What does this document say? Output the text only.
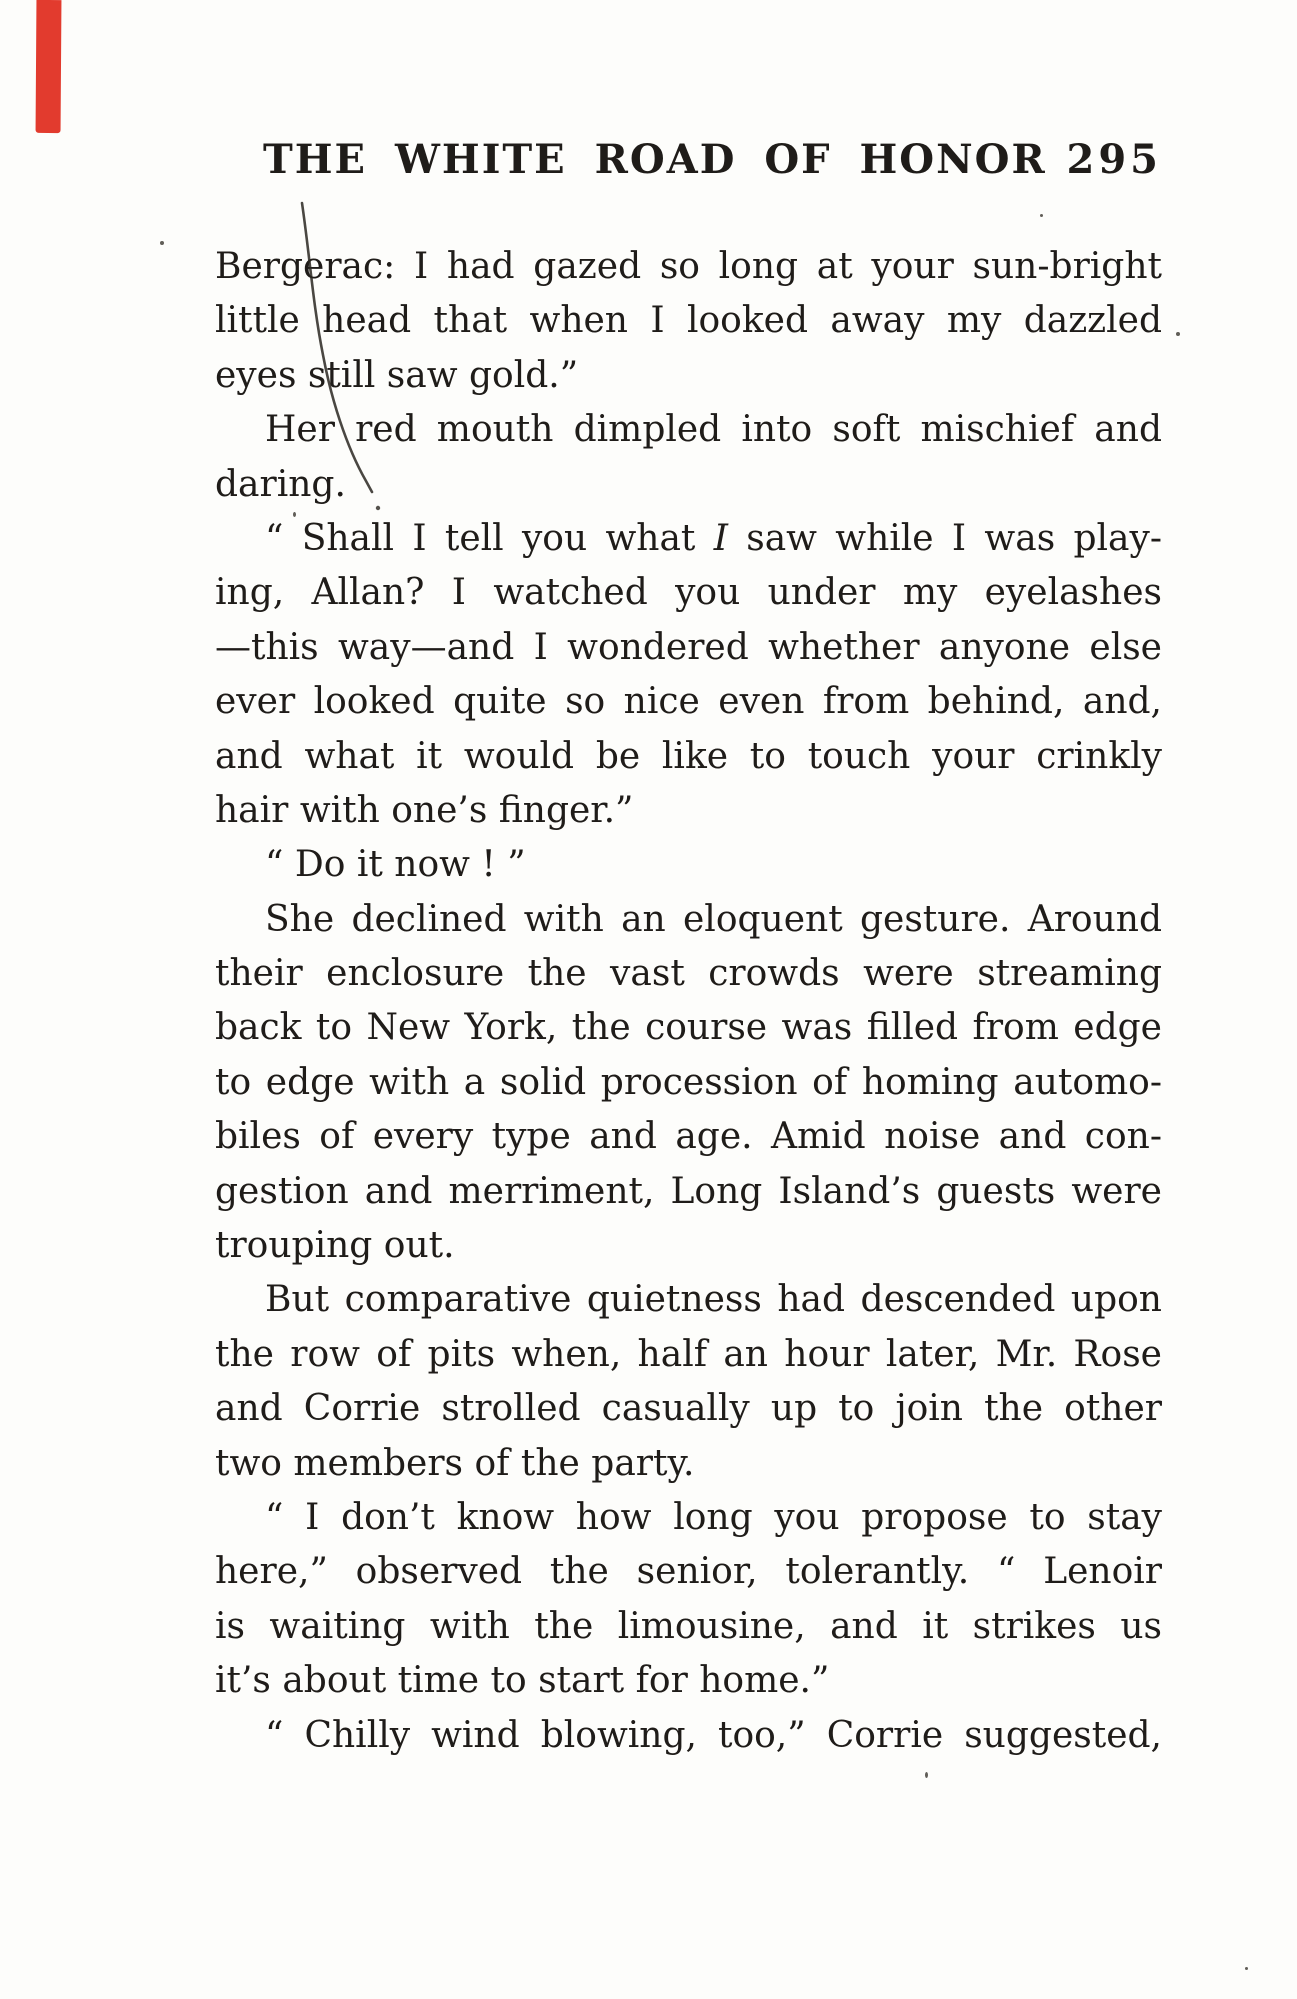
THE WHITE ROAD OF HONOR 295
Bergerac: I had gazed so long at your sun-bright
little head that when I looked away my dazzled
eyes still saw gold.”
Her red mouth dimpled into soft mischief and
daring.
“ Shall I tell you what I saw while I was play-
ing, Allan? I watched you under my eyelashes
—this way—and I wondered whether anyone else
ever looked quite so nice even from behind, and,
and what it would be like to touch your crinkly
hair with one’s finger.”
“ Do it now ! ”
She declined with an eloquent gesture. Around
their enclosure the vast crowds were streaming
back to New York, the course was filled from edge
to edge with a solid procession of homing automo-
biles of every type and age. Amid noise and con-
gestion and merriment, Long Island’s guests were
trouping out.
But comparative quietness had descended upon
the row of pits when, half an hour later, Mr. Rose
and Corrie strolled casually up to join the other
two members of the party.
“ I don’t know how long you propose to stay
here,” observed the senior, tolerantly. “ Lenoir
is waiting with the limousine, and it strikes us
it’s about time to start for home.”
“ Chilly wind blowing, too,” Corrie suggested,
